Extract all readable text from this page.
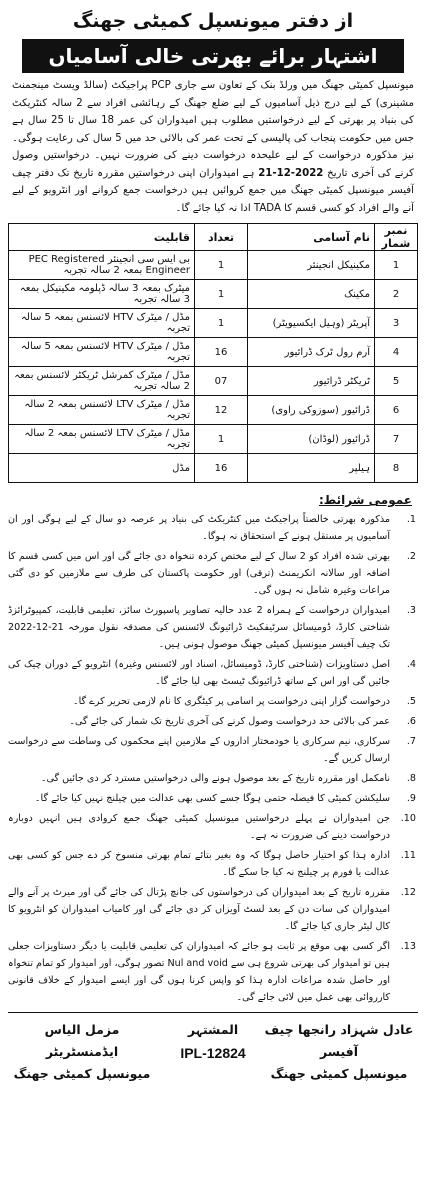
از دفتر میونسپل کمیٹی جھنگ
اشتہار برائے بھرتی خالی آسامیاں
میونسپل کمیٹی جھنگ میں ورلڈ بنک کے تعاون سے جاری PCP پراجیکٹ (سالڈ ویسٹ مینجمنٹ مشینری) کے لیے درج ذیل آسامیوں کے لیے ضلع جھنگ کے رہائشی افراد سے 2 سالہ کنٹریکٹ کی بنیاد پر بھرتی کے لیے درخواستیں مطلوب ہیں امیدواران کی عمر 18 سال تا 25 سال ہے جس میں حکومت پنجاب کی پالیسی کے تحت عمر کی بالائی حد میں 5 سال کی رعایت ہوگی۔ نیز مذکورہ درخواست کے لیے علیحدہ درخواست دینے کی ضرورت نہیں۔ درخواستیں وصول کرنے کی آخری تاریخ 21-12-2022 ہے امیدواران اپنی درخواستیں مقررہ تاریخ تک دفتر چیف آفیسر میونسپل کمیٹی جھنگ میں جمع کروائیں ہیں درخواست جمع کروانے اور انٹرویو کے لیے آنے والے افراد کو کسی قسم کا TADA ادا نہ کیا جائے گا۔
نمبر شمار	نام آسامی	تعداد	قابلیت
1	مکینیکل انجینئر	1	بی ایس سی انجینئر PEC Registered Engineer بمعہ 2 سالہ تجربہ
2	مکینک	1	میٹرک بمعہ 3 سالہ ڈپلومہ مکینیکل بمعہ 3 سالہ تجربہ
3	آپریٹر (وہیل ایکسیویٹر)	1	مڈل / میٹرک HTV لائسنس بمعہ 5 سالہ تجربہ
4	آرم رول ٹرک ڈرائیور	16	مڈل / میٹرک HTV لائسنس بمعہ 5 سالہ تجربہ
5	ٹریکٹر ڈرائیور	07	مڈل / میٹرک کمرشل ٹریکٹر لائسنس بمعہ 2 سالہ تجربہ
6	ڈرائیور (سوزوکی راوی)	12	مڈل / میٹرک LTV لائسنس بمعہ 2 سالہ تجربہ
7	ڈرائیور (لوڈان)	1	مڈل / میٹرک LTV لائسنس بمعہ 2 سالہ تجربہ
8	ہیلپر	16	مڈل
عمومی شرائط:
.1
مذکورہ بھرتی خالصتاً پراجیکٹ میں کنٹریکٹ کی بنیاد پر عرصہ دو سال کے لیے ہوگی اور ان آسامیوں پر مستقل ہونے کے استحقاق نہ ہوگا۔
.2
بھرتی شدہ افراد کو 2 سال کے لیے مختص کردہ تنخواہ دی جائے گی اور اس میں کسی قسم کا اضافہ اور سالانہ انکریمنٹ (ترقی) اور حکومت پاکستان کی طرف سے ملازمین کو دی گئی مراعات وغیرہ شامل نہ ہوں گی۔
.3
امیدواران درخواست کے ہمراہ 2 عدد حالیہ تصاویر پاسپورٹ سائز، تعلیمی قابلیت، کمپیوٹرائزڈ شناختی کارڈ، ڈومیسائل سرٹیفکیٹ ڈرائیونگ لائسنس کی مصدقہ نقول مورخہ 21-12-2022 تک چیف آفیسر میونسپل کمیٹی جھنگ موصول ہونی ہیں۔
.4
اصل دستاویزات (شناختی کارڈ، ڈومیسائل، اسناد اور لائسنس وغیرہ) انٹرویو کے دوران چیک کی جائیں گی اور اس کے ساتھ ڈرائیونگ ٹیسٹ بھی لیا جائے گا۔
.5
درخواست گزار اپنی درخواست پر اسامی پر کیٹگری کا نام لازمی تحریر کرے گا۔
.6
عمر کی بالائی حد درخواست وصول کرنے کی آخری تاریخ تک شمار کی جائے گی۔
.7
سرکاری، نیم سرکاری یا خودمختار اداروں کے ملازمین اپنے محکموں کی وساطت سے درخواست ارسال کریں گے۔
.8
نامکمل اور مقررہ تاریخ کے بعد موصول ہونے والی درخواستیں مسترد کر دی جائیں گی۔
.9
سلیکشن کمیٹی کا فیصلہ حتمی ہوگا جسے کسی بھی عدالت میں چیلنج نہیں کیا جائے گا۔
.10
جن امیدواران نے پہلے درخواستیں میونسپل کمیٹی جھنگ جمع کروادی ہیں انہیں دوبارہ درخواست دینے کی ضرورت نہ ہے۔
.11
ادارہ ہذا کو اختیار حاصل ہوگا کہ وہ بغیر بتائے تمام بھرتی منسوخ کر دے جس کو کسی بھی عدالت یا فورم پر چیلنج نہ کیا جا سکے گا۔
.12
مقررہ تاریخ کے بعد امیدواران کی درخواستوں کی جانچ پڑتال کی جائے گی اور میرٹ پر آنے والے امیدواران کی سات دن کے بعد لسٹ آویزاں کر دی جائے گی اور کامیاب امیدواران کو انٹرویو کا کال لیٹر جاری کیا جائے گا۔
.13
اگر کسی بھی موقع پر ثابت ہو جائے کہ امیدواران کی تعلیمی قابلیت یا دیگر دستاویزات جعلی ہیں تو امیدوار کی بھرتی شروع ہی سے Nul and void تصور ہوگی، اور امیدوار کو تمام تنخواہ اور حاصل شدہ مراعات ادارہ ہذا کو واپس کرنا ہوں گی اور ایسے امیدوار کے خلاف قانونی کارروائی بھی عمل میں لائی جائے گی۔
عادل شہزاد رانجھا چیف آفیسر
میونسپل کمیٹی جھنگ
المشتہر
IPL-12824
مزمل الیاس ایڈمنسٹریٹر
میونسپل کمیٹی جھنگ
